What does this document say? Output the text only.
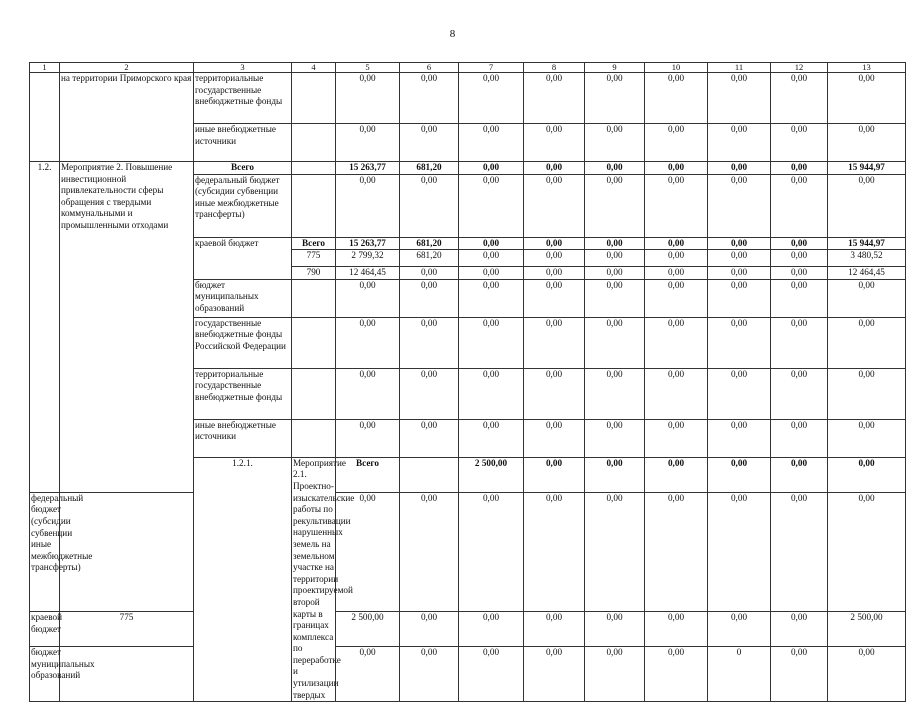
8
1	2	3	4	5	6	7	8	9	10	11	12	13	
	на территории Приморского края	территориальные государственные внебюджетные фонды		0,00	0,00	0,00	0,00	0,00	0,00	0,00	0,00	0,00	
		иные внебюджетные источники		0,00	0,00	0,00	0,00	0,00	0,00	0,00	0,00	0,00	
1.2.	Мероприятие 2. Повышение инвестиционной привлекательности сферы обращения с твердыми коммунальными и промышленными отходами	Всего		15 263,77	681,20	0,00	0,00	0,00	0,00	0,00	0,00	15 944,97	
		федеральный бюджет (субсидии субвенции иные межбюджетные трансферты)		0,00	0,00	0,00	0,00	0,00	0,00	0,00	0,00	0,00	
		краевой бюджет	Всего	15 263,77	681,20	0,00	0,00	0,00	0,00	0,00	0,00	15 944,97	
			775	2 799,32	681,20	0,00	0,00	0,00	0,00	0,00	0,00	3 480,52	
			790	12 464,45	0,00	0,00	0,00	0,00	0,00	0,00	0,00	12 464,45	
		бюджет муниципальных образований		0,00	0,00	0,00	0,00	0,00	0,00	0,00	0,00	0,00	
		государственные внебюджетные фонды Российской Федерации		0,00	0,00	0,00	0,00	0,00	0,00	0,00	0,00	0,00	
		территориальные государственные внебюджетные фонды		0,00	0,00	0,00	0,00	0,00	0,00	0,00	0,00	0,00	
		иные внебюджетные источники		0,00	0,00	0,00	0,00	0,00	0,00	0,00	0,00	0,00	
		1.2.1.	Мероприятие 2.1. Проектно-изыскательские работы по рекультивации нарушенных земель на земельном участке на территории проектируемой второй карты в границах комплекса по переработке и утилизации твердых	Всего		2 500,00	0,00	0,00	0,00	0,00	0,00	0,00		
федеральный бюджет (субсидии субвенции иные межбюджетные трансферты)				0,00	0,00	0,00	0,00	0,00	0,00	0,00	0,00	0,00	
краевой бюджет	775			2 500,00	0,00	0,00	0,00	0,00	0,00	0,00	0,00	2 500,00	
бюджет муниципальных образований				0,00	0,00	0,00	0,00	0,00	0,00	0	0,00	0,00	
